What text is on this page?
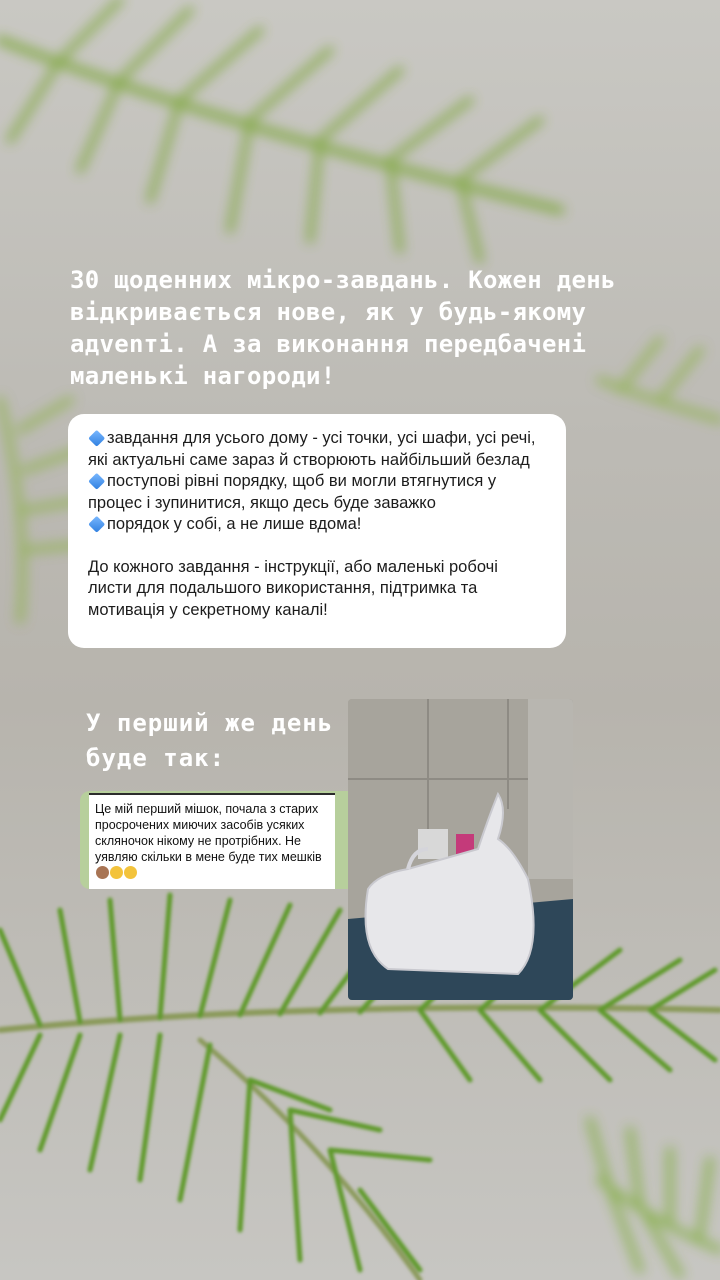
30 щоденних мікро-завдань. Кожен день відкривається нове, як у будь-якому адvenті. А за виконання передбачені маленькі нагороди!
завдання для усього дому - усі точки, усі шафи, усі речі, які актуальні саме зараз й створюють найбільший безлад
поступові рівні порядку, щоб ви могли втягнутися у процес і зупинитися, якщо десь буде заважко
порядок у собі, а не лише вдома!
До кожного завдання - інструкції, або маленькі робочі листи для подальшого використання, підтримка та мотивація у секретному каналі!
У перший же день буде так:
Це мій перший мішок, почала з старих просрочених миючих засобів усяких скляночок нікому не протрібних. Не уявляю скільки в мене буде тих мешків
